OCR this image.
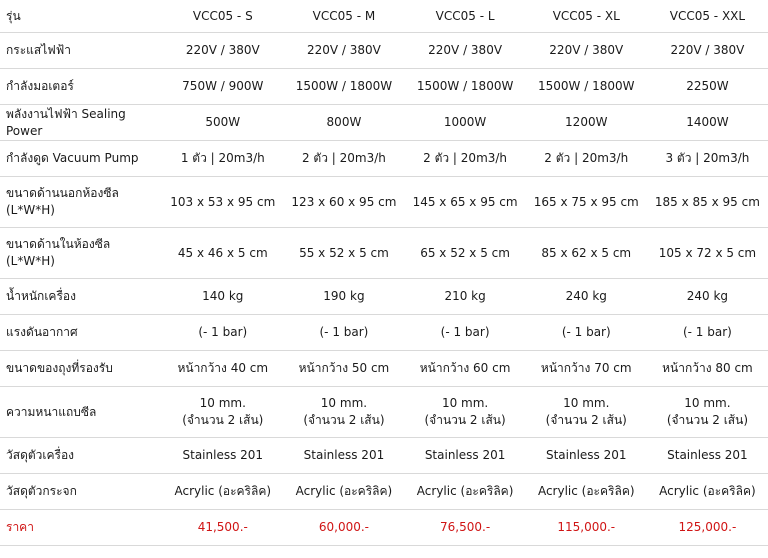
รุ่น	VCC05 - S	VCC05 - M	VCC05 - L	VCC05 - XL	VCC05 - XXL

กระแสไฟฟ้า	220V / 380V	220V / 380V	220V / 380V	220V / 380V	220V / 380V

กำลังมอเตอร์	750W / 900W	1500W / 1800W	1500W / 1800W	1500W / 1800W	2250W

พลังงานไฟฟ้า Sealing Power	500W	800W	1000W	1200W	1400W

กำลังดูด Vacuum Pump	1 ตัว | 20m3/h	2 ตัว | 20m3/h	2 ตัว | 20m3/h	2 ตัว | 20m3/h	3 ตัว | 20m3/h

ขนาดด้านนอกห้องซีล
(L*W*H)	103 x 53 x 95 cm	123 x 60 x 95 cm	145 x 65 x 95 cm	165 x 75 x 95 cm	185 x 85 x 95 cm

ขนาดด้านในห้องซีล
(L*W*H)	45 x 46 x 5 cm	55 x 52 x 5 cm	65 x 52 x 5 cm	85 x 62 x 5 cm	105 x 72 x 5 cm

น้ำหนักเครื่อง	140 kg	190 kg	210 kg	240 kg	240 kg

แรงดันอากาศ	(- 1 bar)	(- 1 bar)	(- 1 bar)	(- 1 bar)	(- 1 bar)

ขนาดของถุงที่รองรับ	หน้ากว้าง 40 cm	หน้ากว้าง 50 cm	หน้ากว้าง 60 cm	หน้ากว้าง 70 cm	หน้ากว้าง 80 cm

ความหนาแถบซีล	10 mm.
(จำนวน 2 เส้น)	10 mm.
(จำนวน 2 เส้น)	10 mm.
(จำนวน 2 เส้น)	10 mm.
(จำนวน 2 เส้น)	10 mm.
(จำนวน 2 เส้น)

วัสดุตัวเครื่อง	Stainless 201	Stainless 201	Stainless 201	Stainless 201	Stainless 201

วัสดุตัวกระจก	Acrylic (อะคริลิค)	Acrylic (อะคริลิค)	Acrylic (อะคริลิค)	Acrylic (อะคริลิค)	Acrylic (อะคริลิค)

ราคา	41,500.-	60,000.-	76,500.-	115,000.-	125,000.-
